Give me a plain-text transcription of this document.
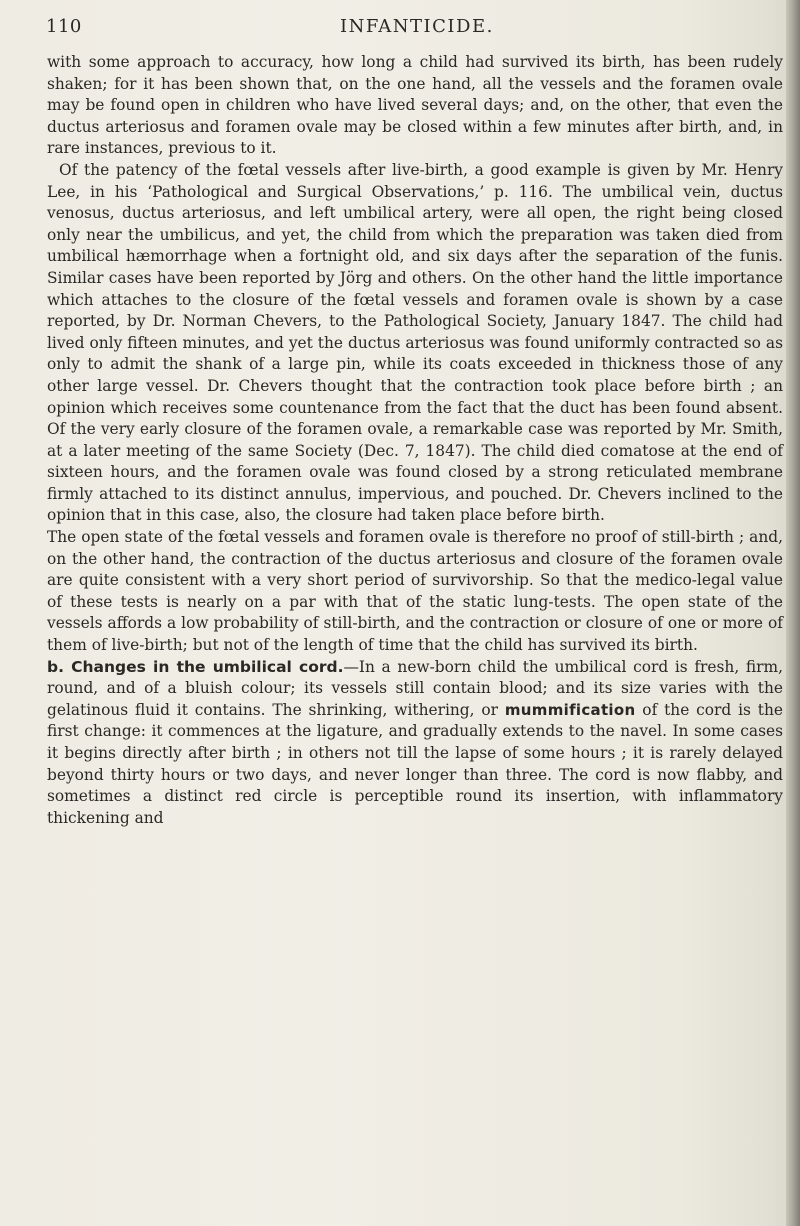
110	INFANTICIDE.

with some approach to accuracy, how long a child had survived its birth, has been rudely shaken; for it has been shown that, on the one hand, all the vessels and the foramen ovale may be found open in children who have lived several days; and, on the other, that even the ductus arteriosus and foramen ovale may be closed within a few minutes after birth, and, in rare instances, previous to it.

Of the patency of the fœtal vessels after live-birth, a good example is given by Mr. Henry Lee, in his ‘Pathological and Surgical Observations,’ p. 116. The umbilical vein, ductus venosus, ductus arteriosus, and left umbilical artery, were all open, the right being closed only near the umbilicus, and yet, the child from which the preparation was taken died from umbilical hæmorrhage when a fortnight old, and six days after the separation of the funis. Similar cases have been reported by Jörg and others. On the other hand the little importance which attaches to the closure of the fœtal vessels and foramen ovale is shown by a case reported, by Dr. Norman Chevers, to the Pathological Society, January 1847. The child had lived only fifteen minutes, and yet the ductus arteriosus was found uniformly contracted so as only to admit the shank of a large pin, while its coats exceeded in thickness those of any other large vessel. Dr. Chevers thought that the contraction took place before birth ; an opinion which receives some countenance from the fact that the duct has been found absent. Of the very early closure of the foramen ovale, a remarkable case was reported by Mr. Smith, at a later meeting of the same Society (Dec. 7, 1847). The child died comatose at the end of sixteen hours, and the foramen ovale was found closed by a strong reticulated membrane firmly attached to its distinct annulus, impervious, and pouched. Dr. Chevers inclined to the opinion that in this case, also, the closure had taken place before birth.

The open state of the fœtal vessels and foramen ovale is therefore no proof of still-birth ; and, on the other hand, the contraction of the ductus arteriosus and closure of the foramen ovale are quite consistent with a very short period of survivorship. So that the medico-legal value of these tests is nearly on a par with that of the static lung-tests. The open state of the vessels affords a low probability of still-birth, and the contraction or closure of one or more of them of live-birth; but not of the length of time that the child has survived its birth.

b. Changes in the umbilical cord.—In a new-born child the umbilical cord is fresh, firm, round, and of a bluish colour; its vessels still contain blood; and its size varies with the gelatinous fluid it contains. The shrinking, withering, or mummification of the cord is the first change: it commences at the ligature, and gradually extends to the navel. In some cases it begins directly after birth ; in others not till the lapse of some hours ; it is rarely delayed beyond thirty hours or two days, and never longer than three. The cord is now flabby, and sometimes a distinct red circle is perceptible round its insertion, with inflammatory thickening and
